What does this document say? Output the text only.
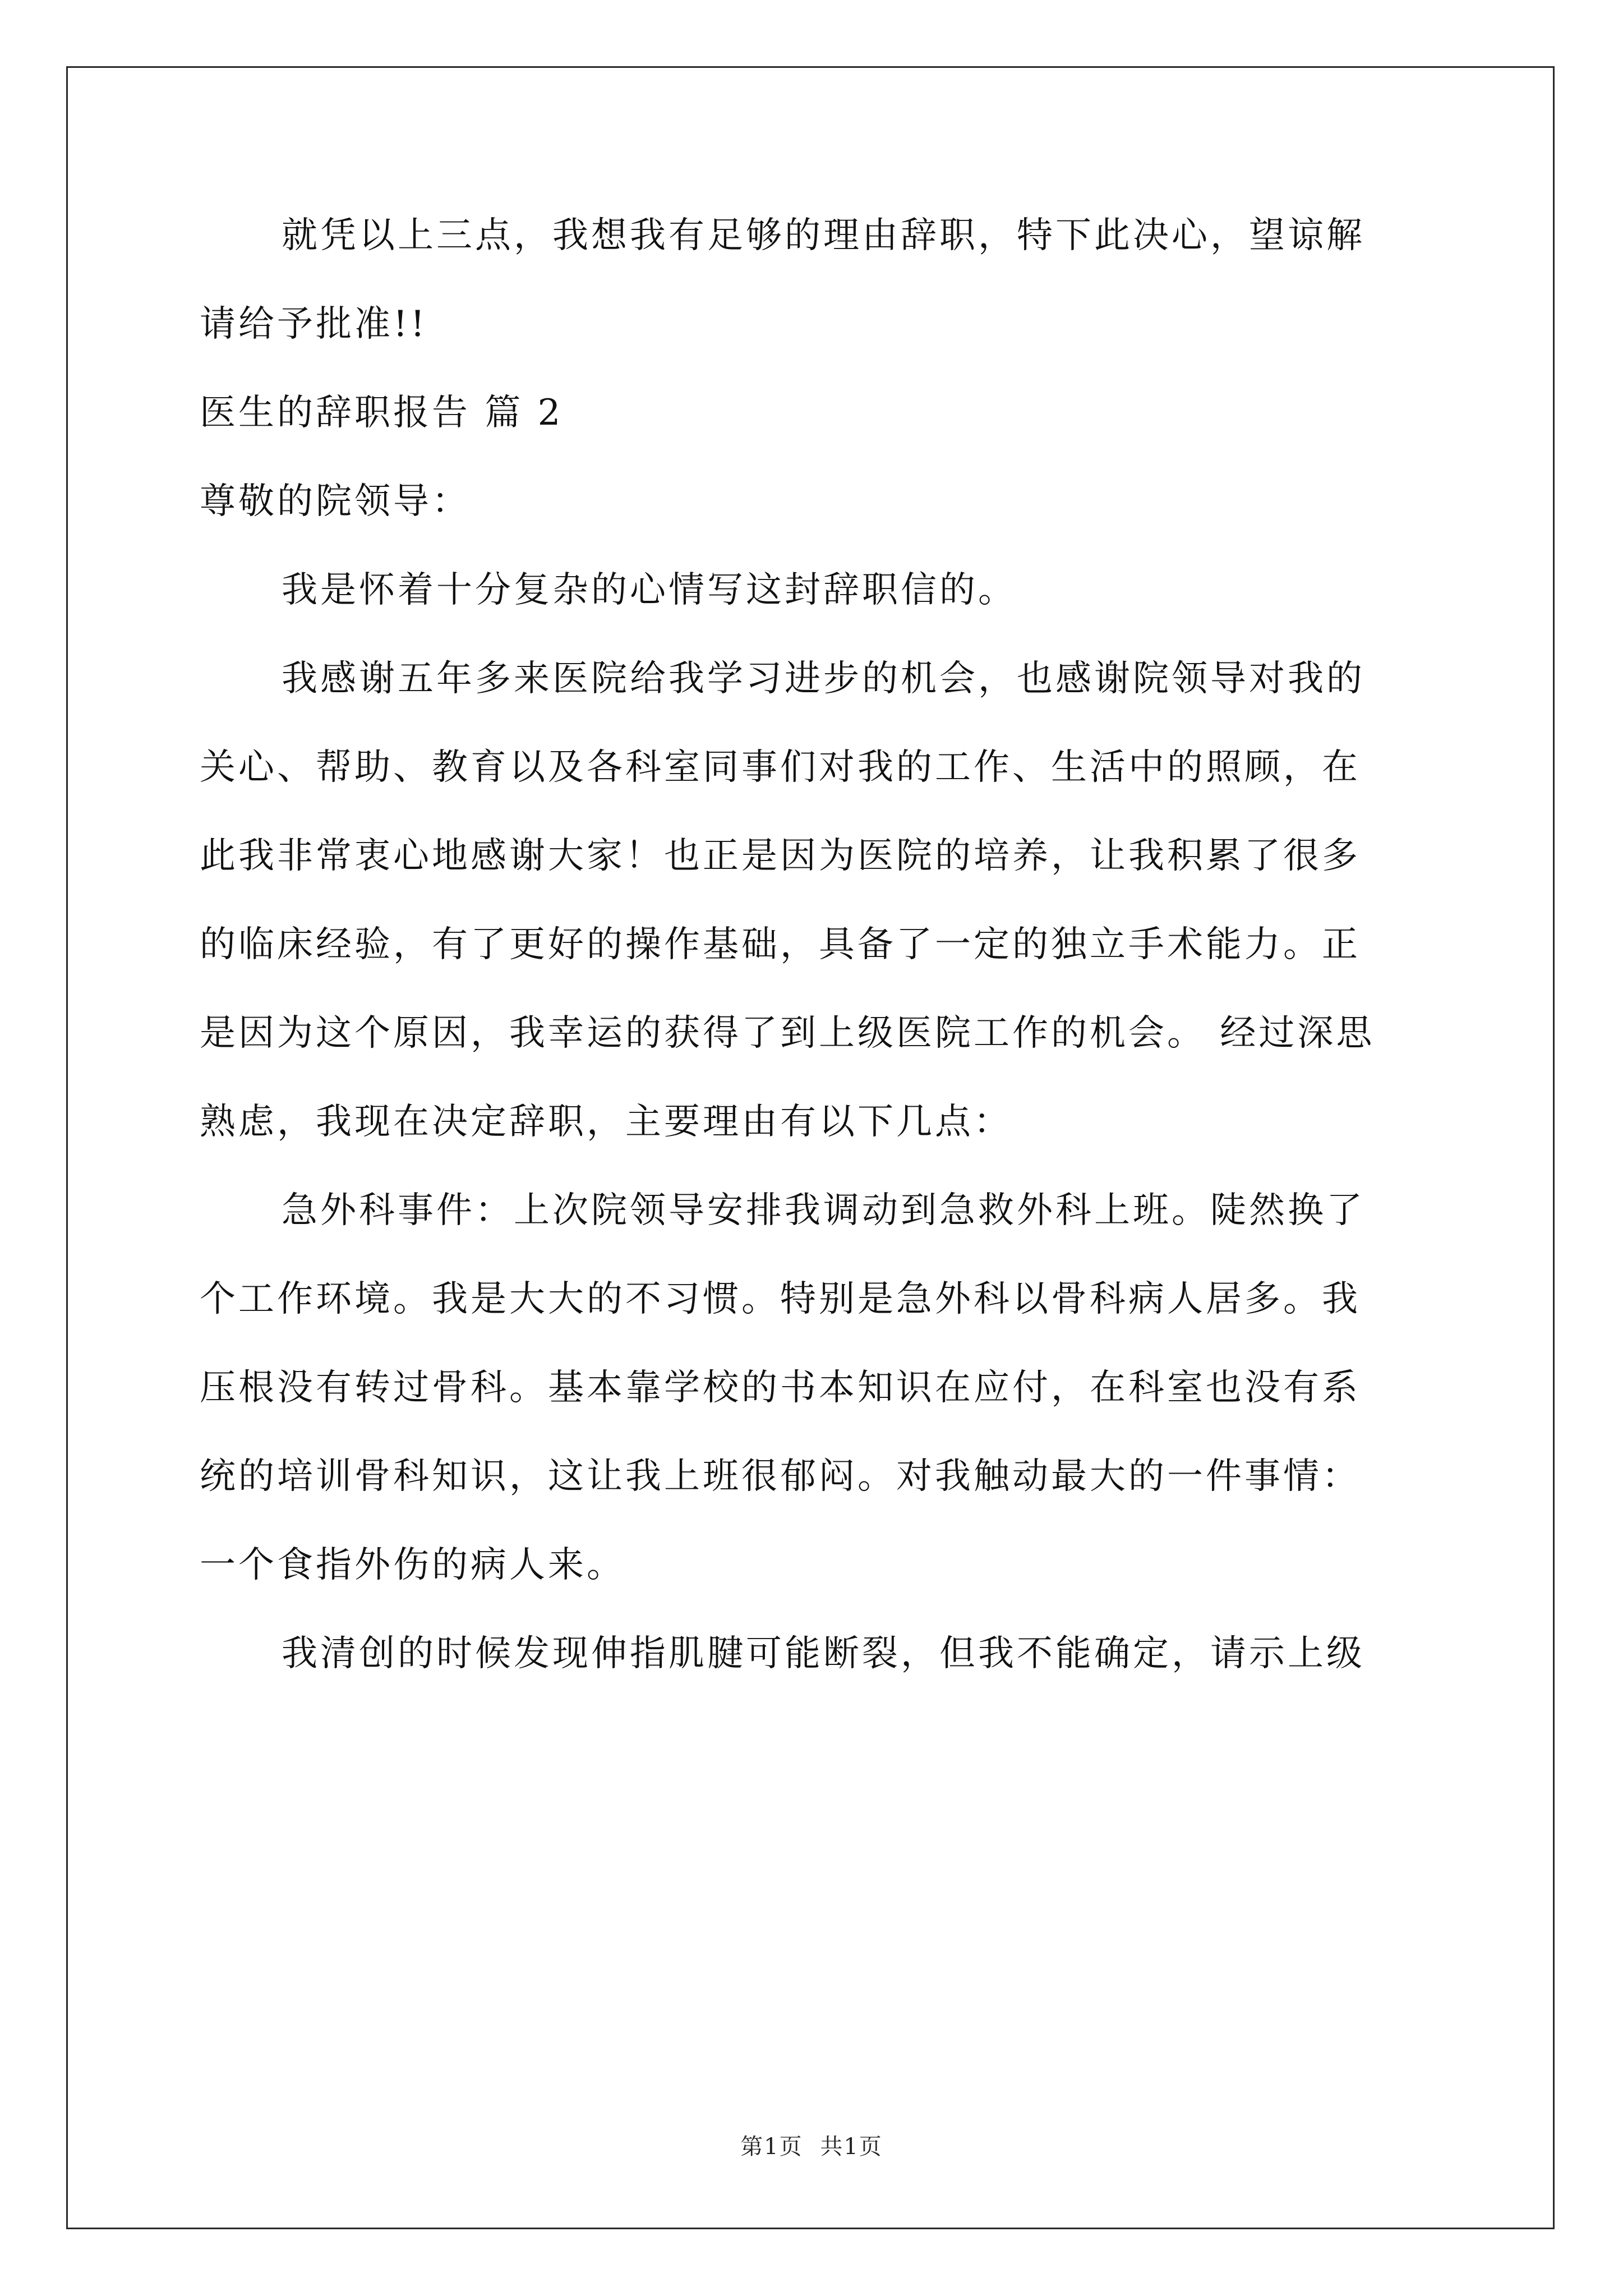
就凭以上三点，我想我有足够的理由辞职，特下此决心，望谅解
请给予批准!!
医生的辞职报告 篇 2
尊敬的院领导：
我是怀着十分复杂的心情写这封辞职信的。
我感谢五年多来医院给我学习进步的机会，也感谢院领导对我的
关心、帮助、教育以及各科室同事们对我的工作、生活中的照顾，在
此我非常衷心地感谢大家！也正是因为医院的培养，让我积累了很多
的临床经验，有了更好的操作基础，具备了一定的独立手术能力。正
是因为这个原因，我幸运的获得了到上级医院工作的机会。 经过深思
熟虑，我现在决定辞职，主要理由有以下几点：
急外科事件：上次院领导安排我调动到急救外科上班。陡然换了
个工作环境。我是大大的不习惯。特别是急外科以骨科病人居多。我
压根没有转过骨科。基本靠学校的书本知识在应付，在科室也没有系
统的培训骨科知识，这让我上班很郁闷。对我触动最大的一件事情：
一个食指外伤的病人来。
我清创的时候发现伸指肌腱可能断裂，但我不能确定，请示上级
第1页 共1页
